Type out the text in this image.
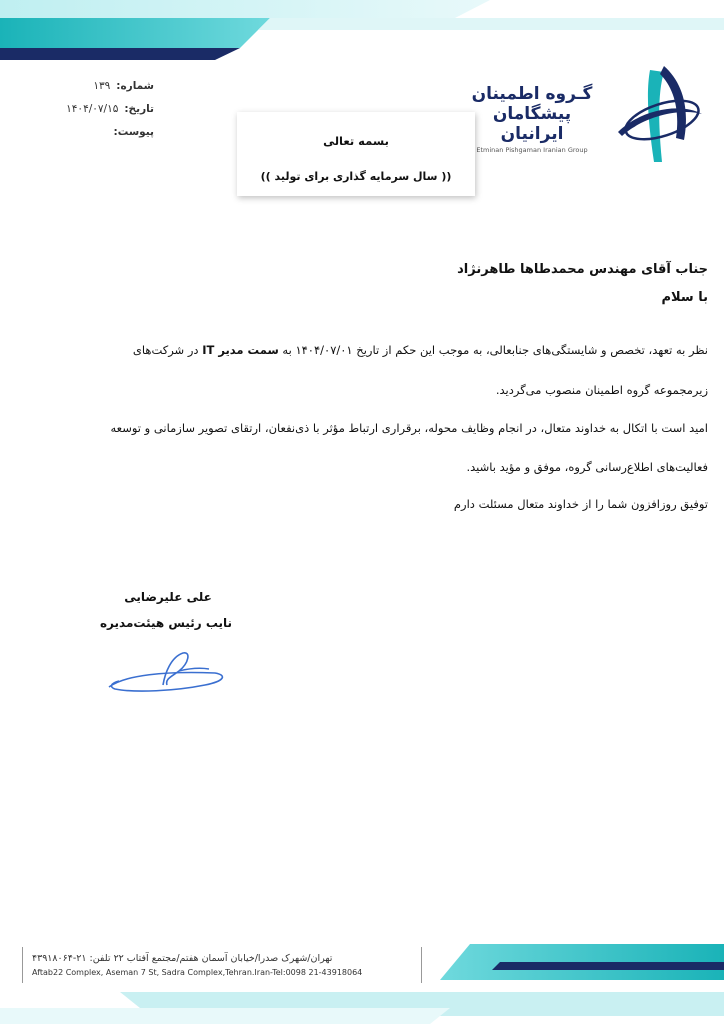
شماره:۱۳۹
تاریخ:۱۴۰۴/۰۷/۱۵
پیوست:
گـروه اطمینان
پیشگامان ایرانیان
Etminan Pishgaman Iranian Group
بسمه تعالی
(( سال سرمایه گذاری برای تولید ))
جناب آقای مهندس محمدطاها طاهرنژاد
با سلام
نظر به تعهد، تخصص و شایستگی‌های جنابعالی، به موجب این حکم از تاریخ ۱۴۰۴/۰۷/۰۱ به سمت مدیر IT در شرکت‌های
زیرمجموعه گروه اطمینان منصوب می‌گردید.
امید است با اتکال به خداوند متعال، در انجام وظایف محوله، برقراری ارتباط مؤثر با ذی‌نفعان، ارتقای تصویر سازمانی و توسعه
فعالیت‌های اطلاع‌رسانی گروه، موفق و مؤید باشید.
توفیق روزافزون شما را از خداوند متعال مسئلت دارم
علی علیرضایی
نایب رئیس هیئت‌مدیره
تهران/شهرک صدرا/خیابان آسمان هفتم/مجتمع آفتاب ۲۲ تلفن: ۲۱-۴۳۹۱۸۰۶۴
Aftab22 Complex, Aseman 7 St, Sadra Complex,Tehran.Iran-Tel:0098 21-43918064
